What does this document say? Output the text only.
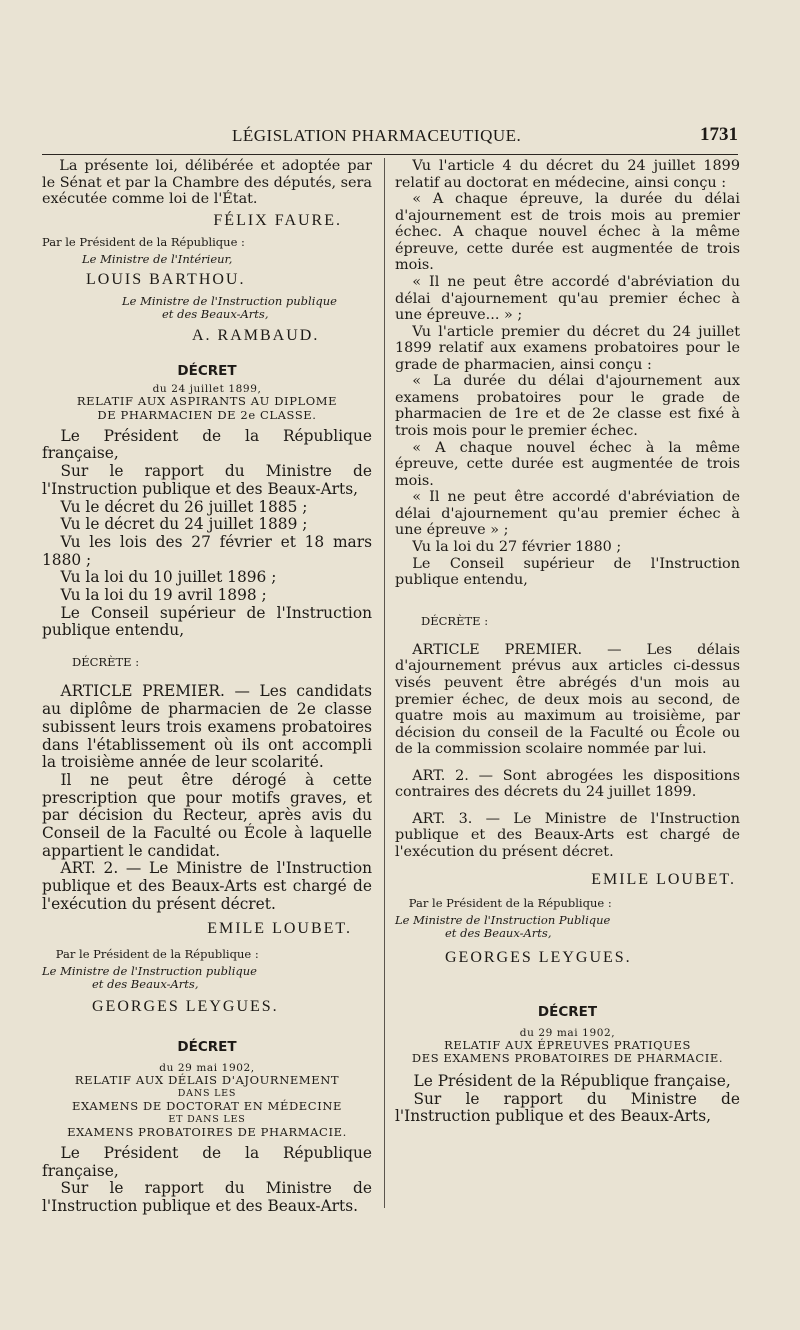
LÉGISLATION PHARMACEUTIQUE.	1731

La présente loi, délibérée et adoptée par le Sénat et par la Chambre des députés, sera exécutée comme loi de l'État.

FÉLIX FAURE.

Par le Président de la République :

Le Ministre de l'Intérieur,

LOUIS BARTHOU.

Le Ministre de l'Instruction publique

et des Beaux-Arts,

A. RAMBAUD.

DÉCRET

du 24 juillet 1899,

RELATIF AUX ASPIRANTS AU DIPLOME

DE PHARMACIEN DE 2e CLASSE.

Le Président de la République française,

Sur le rapport du Ministre de l'Instruction publique et des Beaux-Arts,

Vu le décret du 26 juillet 1885 ;

Vu le décret du 24 juillet 1889 ;

Vu les lois des 27 février et 18 mars 1880 ;

Vu la loi du 10 juillet 1896 ;

Vu la loi du 19 avril 1898 ;

Le Conseil supérieur de l'Instruction publique entendu,

DÉCRÈTE :

ARTICLE PREMIER. — Les candidats au diplôme de pharmacien de 2e classe subissent leurs trois examens probatoires dans l'établissement où ils ont accompli la troisième année de leur scolarité.

Il ne peut être dérogé à cette prescription que pour motifs graves, et par décision du Recteur, après avis du Conseil de la Faculté ou École à laquelle appartient le candidat.

ART. 2. — Le Ministre de l'Instruction publique et des Beaux-Arts est chargé de l'exécution du présent décret.

EMILE LOUBET.

Par le Président de la République :

Le Ministre de l'Instruction publique

et des Beaux-Arts,

GEORGES LEYGUES.

DÉCRET

du 29 mai 1902,

RELATIF AUX DÉLAIS D'AJOURNEMENT

DANS LES

EXAMENS DE DOCTORAT EN MÉDECINE

ET DANS LES

EXAMENS PROBATOIRES DE PHARMACIE.

Le Président de la République française,

Sur le rapport du Ministre de l'Instruction publique et des Beaux-Arts.

Vu l'article 4 du décret du 24 juillet 1899 relatif au doctorat en médecine, ainsi conçu :

« A chaque épreuve, la durée du délai d'ajournement est de trois mois au premier échec. A chaque nouvel échec à la même épreuve, cette durée est augmentée de trois mois.

« Il ne peut être accordé d'abréviation du délai d'ajournement qu'au premier échec à une épreuve... » ;

Vu l'article premier du décret du 24 juillet 1899 relatif aux examens probatoires pour le grade de pharmacien, ainsi conçu :

« La durée du délai d'ajournement aux examens probatoires pour le grade de pharmacien de 1re et de 2e classe est fixé à trois mois pour le premier échec.

« A chaque nouvel échec à la même épreuve, cette durée est augmentée de trois mois.

« Il ne peut être accordé d'abréviation de délai d'ajournement qu'au premier échec à une épreuve » ;

Vu la loi du 27 février 1880 ;

Le Conseil supérieur de l'Instruction publique entendu,

DÉCRÈTE :

ARTICLE PREMIER. — Les délais d'ajournement prévus aux articles ci-dessus visés peuvent être abrégés d'un mois au premier échec, de deux mois au second, de quatre mois au maximum au troisième, par décision du conseil de la Faculté ou École ou de la commission scolaire nommée par lui.

ART. 2. — Sont abrogées les dispositions contraires des décrets du 24 juillet 1899.

ART. 3. — Le Ministre de l'Instruction publique et des Beaux-Arts est chargé de l'exécution du présent décret.

EMILE LOUBET.

Par le Président de la République :

Le Ministre de l'Instruction Publique

et des Beaux-Arts,

GEORGES LEYGUES.

DÉCRET

du 29 mai 1902,

RELATIF AUX ÉPREUVES PRATIQUES

DES EXAMENS PROBATOIRES DE PHARMACIE.

Le Président de la République française,

Sur le rapport du Ministre de l'Instruction publique et des Beaux-Arts,
